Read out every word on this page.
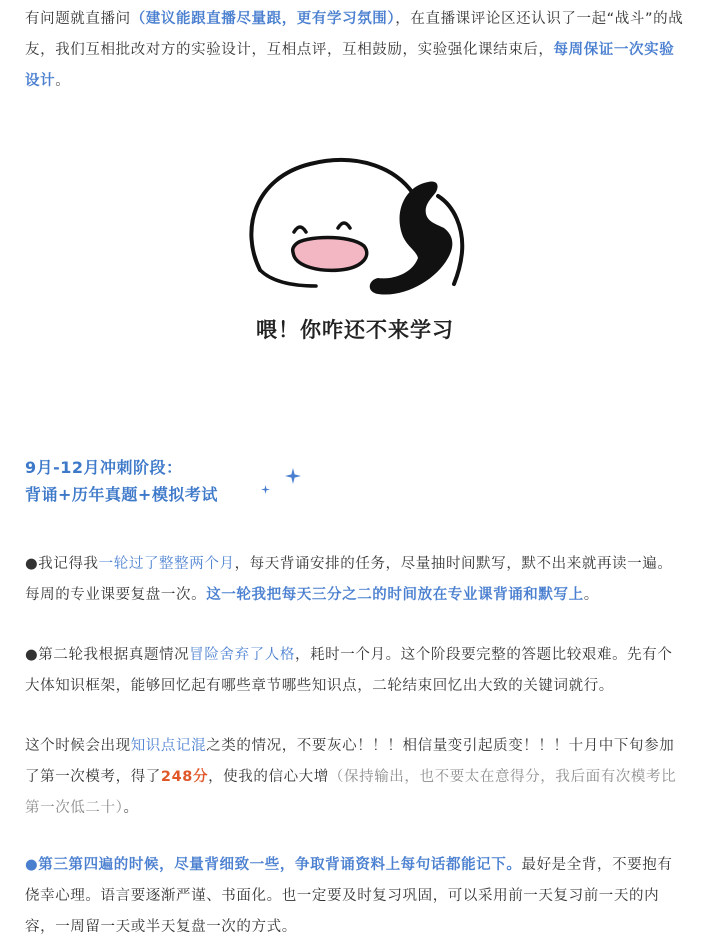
有问题就直播问（建议能跟直播尽量跟，更有学习氛围），在直播课评论区还认识了一起“战斗”的战友，我们互相批改对方的实验设计，互相点评，互相鼓励，实验强化课结束后，每周保证一次实验设计。

喂！你咋还不来学习
9月-12月冲刺阶段：
背诵+历年真题+模拟考试

●我记得我一轮过了整整两个月，每天背诵安排的任务，尽量抽时间默写，默不出来就再读一遍。每周的专业课要复盘一次。这一轮我把每天三分之二的时间放在专业课背诵和默写上。

●第二轮我根据真题情况冒险舍弃了人格，耗时一个月。这个阶段要完整的答题比较艰难。先有个大体知识框架，能够回忆起有哪些章节哪些知识点，二轮结束回忆出大致的关键词就行。

这个时候会出现知识点记混之类的情况，不要灰心！！！相信量变引起质变！！！十月中下旬参加了第一次模考，得了248分，使我的信心大增（保持输出，也不要太在意得分，我后面有次模考比第一次低二十）。

●第三第四遍的时候，尽量背细致一些，争取背诵资料上每句话都能记下。最好是全背，不要抱有侥幸心理。语言要逐渐严谨、书面化。也一定要及时复习巩固，可以采用前一天复习前一天的内容，一周留一天或半天复盘一次的方式。
